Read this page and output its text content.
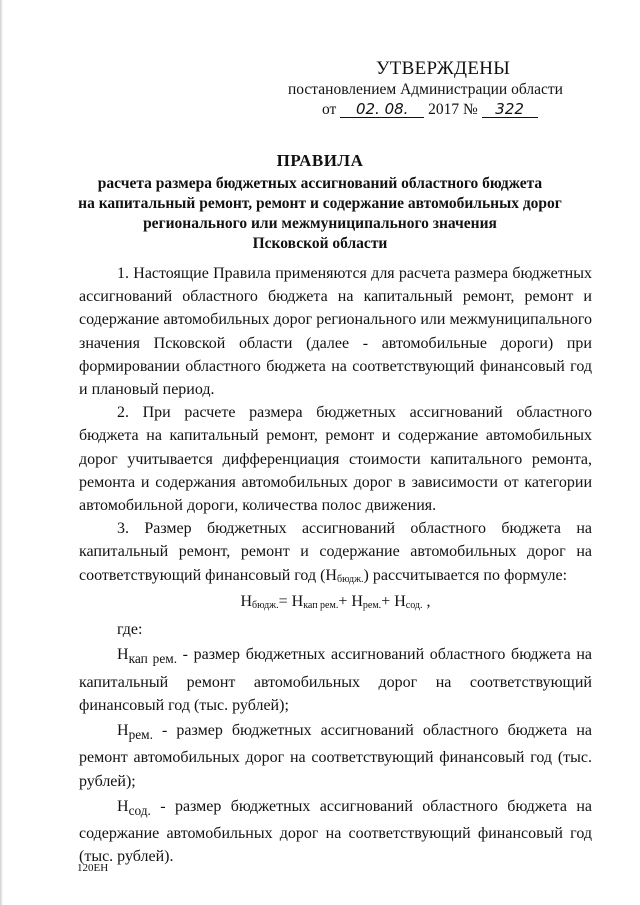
УТВЕРЖДЕНЫ
постановлением Администрации области
от 02. 08. 2017 № 322
ПРАВИЛА
расчета размера бюджетных ассигнований областного бюджета
на капитальный ремонт, ремонт и содержание автомобильных дорог
регионального или межмуниципального значения
Псковской области

1. Настоящие Правила применяются для расчета размера бюджетных ассигнований областного бюджета на капитальный ремонт, ремонт и содержание автомобильных дорог регионального или межмуниципального значения Псковской области (далее - автомобильные дороги) при формировании областного бюджета на соответствующий финансовый год и плановый период.

2. При расчете размера бюджетных ассигнований областного бюджета на капитальный ремонт, ремонт и содержание автомобильных дорог учитывается дифференциация стоимости капитального ремонта, ремонта и содержания автомобильных дорог в зависимости от категории автомобильной дороги, количества полос движения.

3. Размер бюджетных ассигнований областного бюджета на капитальный ремонт, ремонт и содержание автомобильных дорог на соответствующий финансовый год $(Н_{бюдж.})$ рассчитывается по формуле:

$Н_{бюдж.}= Н_{кап рем.}+ Н_{рем.}+ Н_{сод.}$ ,
где:

$Н_{кап рем.}$ - размер бюджетных ассигнований областного бюджета на капитальный ремонт автомобильных дорог на соответствующий финансовый год (тыс. рублей);

$Н_{рем.}$ - размер бюджетных ассигнований областного бюджета на ремонт автомобильных дорог на соответствующий финансовый год (тыс. рублей);

$Н_{сод.}$ - размер бюджетных ассигнований областного бюджета на содержание автомобильных дорог на соответствующий финансовый год (тыс. рублей).

120ЕН
